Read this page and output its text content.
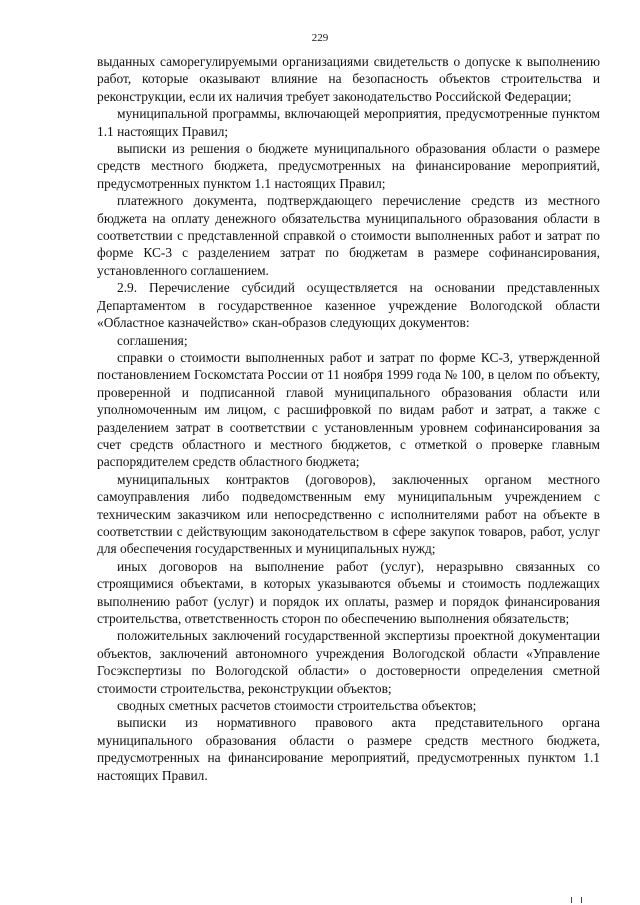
229

выданных саморегулируемыми организациями свидетельств о допуске к выполнению работ, которые оказывают влияние на безопасность объектов строительства и реконструкции, если их наличия требует законодательство Российской Федерации;

муниципальной программы, включающей мероприятия, предусмотренные пунктом 1.1 настоящих Правил;

выписки из решения о бюджете муниципального образования области о размере средств местного бюджета, предусмотренных на финансирование мероприятий, предусмотренных пунктом 1.1 настоящих Правил;

платежного документа, подтверждающего перечисление средств из местного бюджета на оплату денежного обязательства муниципального образования области в соответствии с представленной справкой о стоимости выполненных работ и затрат по форме КС-3 с разделением затрат по бюджетам в размере софинансирования, установленного соглашением.

2.9. Перечисление субсидий осуществляется на основании представленных Департаментом в государственное казенное учреждение Вологодской области «Областное казначейство» скан-образов следующих документов:

соглашения;

справки о стоимости выполненных работ и затрат по форме КС-3, утвержденной постановлением Госкомстата России от 11 ноября 1999 года № 100, в целом по объекту, проверенной и подписанной главой муниципального образования области или уполномоченным им лицом, с расшифровкой по видам работ и затрат, а также с разделением затрат в соответствии с установленным уровнем софинансирования за счет средств областного и местного бюджетов, с отметкой о проверке главным распорядителем средств областного бюджета;

муниципальных контрактов (договоров), заключенных органом местного самоуправления либо подведомственным ему муниципальным учреждением с техническим заказчиком или непосредственно с исполнителями работ на объекте в соответствии с действующим законодательством в сфере закупок товаров, работ, услуг для обеспечения государственных и муниципальных нужд;

иных договоров на выполнение работ (услуг), неразрывно связанных со строящимися объектами, в которых указываются объемы и стоимость подлежащих выполнению работ (услуг) и порядок их оплаты, размер и порядок финансирования строительства, ответственность сторон по обеспечению выполнения обязательств;

положительных заключений государственной экспертизы проектной документации объектов, заключений автономного учреждения Вологодской области «Управление Госэкспертизы по Вологодской области» о достоверности определения сметной стоимости строительства, реконструкции объектов;

сводных сметных расчетов стоимости строительства объектов;

выписки из нормативного правового акта представительного органа муниципального образования области о размере средств местного бюджета, предусмотренных на финансирование мероприятий, предусмотренных пунктом 1.1 настоящих Правил.
